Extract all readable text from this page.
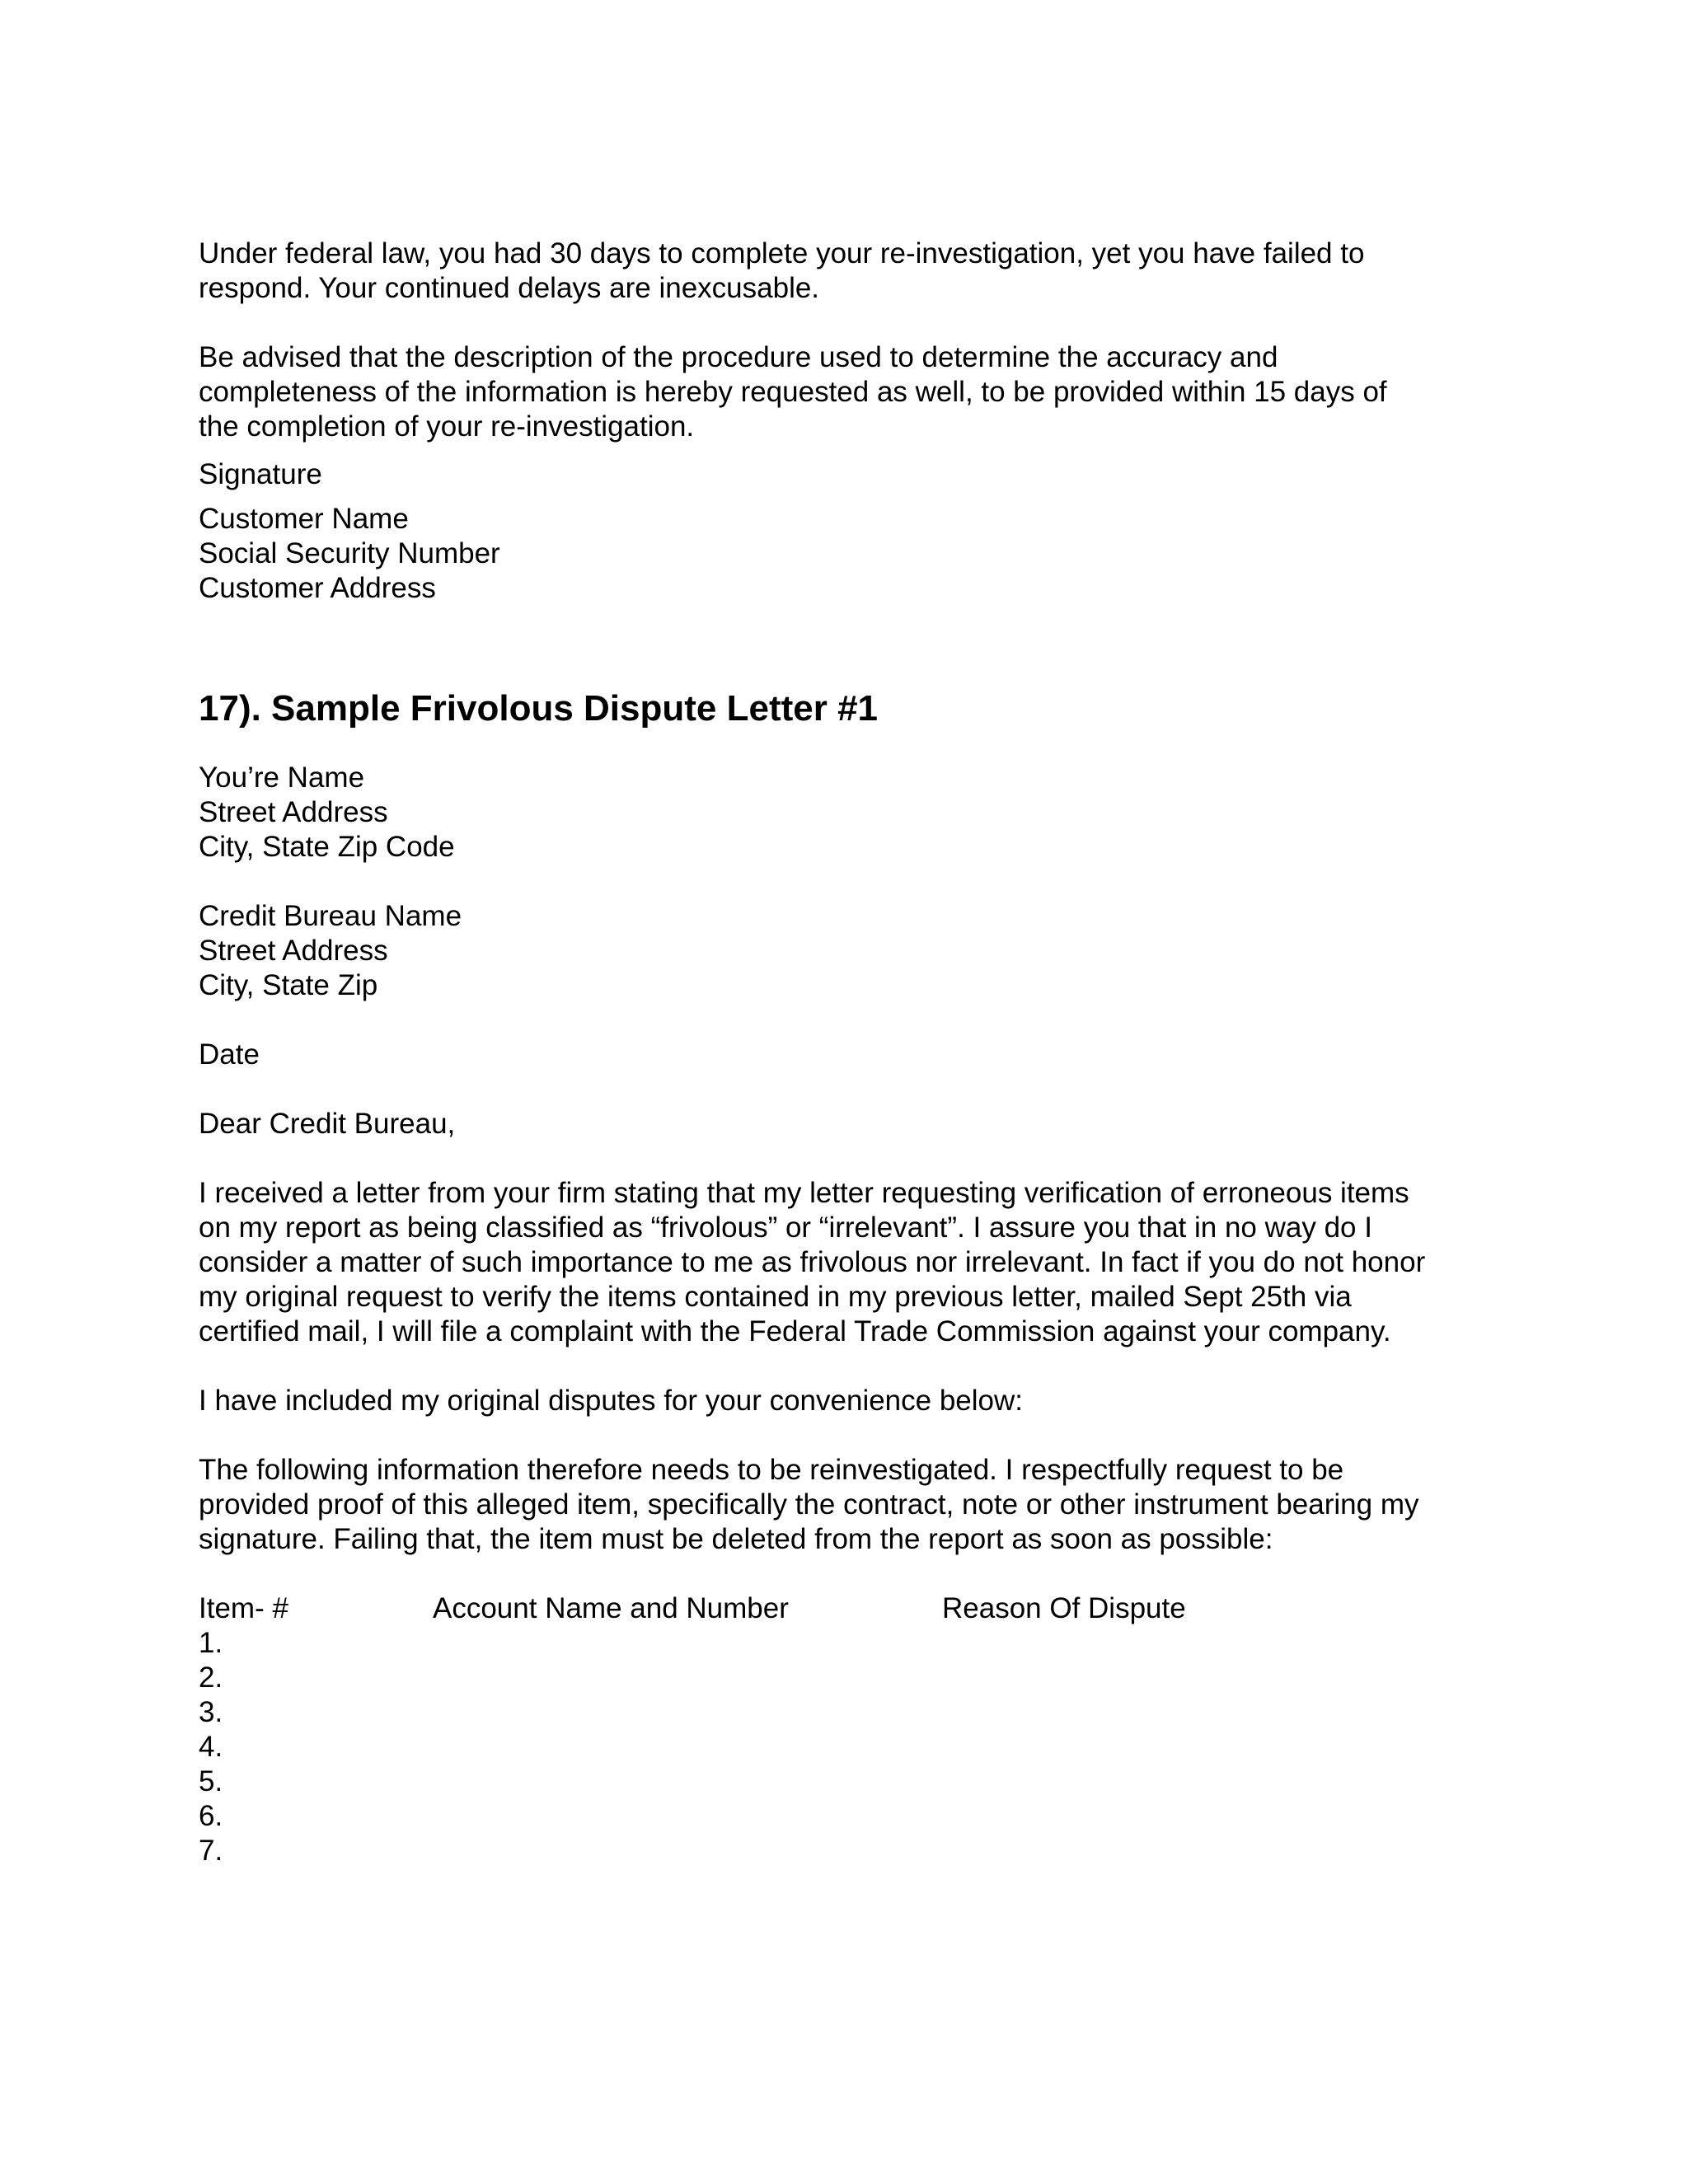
Under federal law, you had 30 days to complete your re-investigation, yet you have failed to
respond. Your continued delays are inexcusable.

Be advised that the description of the procedure used to determine the accuracy and
completeness of the information is hereby requested as well, to be provided within 15 days of
the completion of your re-investigation.

Signature

Customer Name
Social Security Number
Customer Address

17). Sample Frivolous Dispute Letter #1

You’re Name
Street Address
City, State Zip Code

Credit Bureau Name
Street Address
City, State Zip

Date

Dear Credit Bureau,

I received a letter from your firm stating that my letter requesting verification of erroneous items
on my report as being classified as “frivolous” or “irrelevant”. I assure you that in no way do I
consider a matter of such importance to me as frivolous nor irrelevant. In fact if you do not honor
my original request to verify the items contained in my previous letter, mailed Sept 25th via
certified mail, I will file a complaint with the Federal Trade Commission against your company.

I have included my original disputes for your convenience below:

The following information therefore needs to be reinvestigated. I respectfully request to be
provided proof of this alleged item, specifically the contract, note or other instrument bearing my
signature. Failing that, the item must be deleted from the report as soon as possible:

Item- #	Account Name and Number	Reason Of Dispute
1.		
2.		
3.		
4.		
5.		
6.		
7.		
